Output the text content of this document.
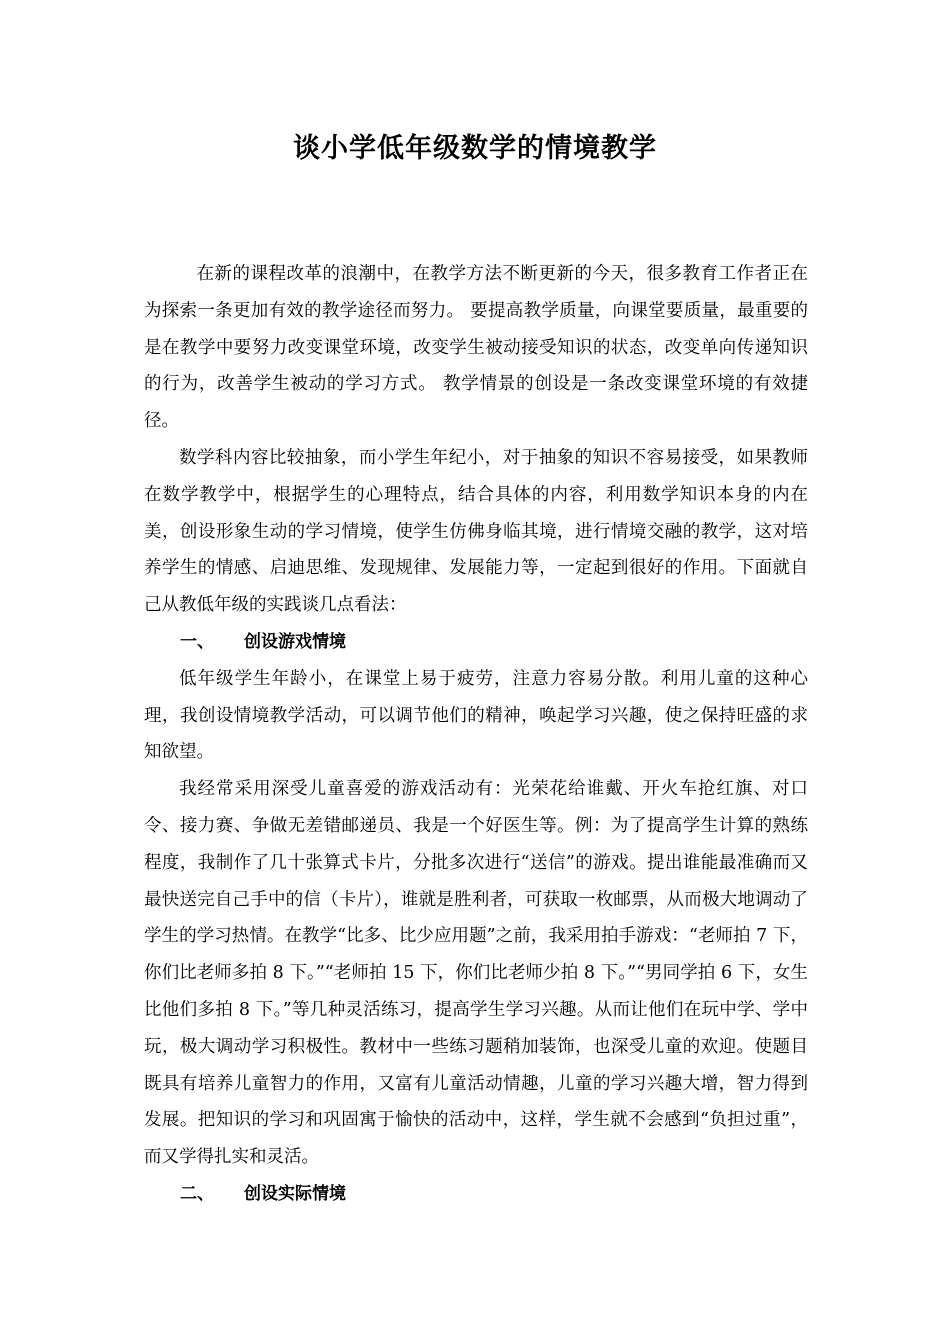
谈小学低年级数学的情境教学

在新的课程改革的浪潮中，在教学方法不断更新的今天，很多教育工作者正在为探索一条更加有效的教学途径而努力。 要提高教学质量，向课堂要质量，最重要的是在教学中要努力改变课堂环境，改变学生被动接受知识的状态，改变单向传递知识的行为，改善学生被动的学习方式。 教学情景的创设是一条改变课堂环境的有效捷径。

数学科内容比较抽象，而小学生年纪小，对于抽象的知识不容易接受，如果教师在数学教学中，根据学生的心理特点，结合具体的内容，利用数学知识本身的内在美，创设形象生动的学习情境，使学生仿佛身临其境，进行情境交融的教学，这对培养学生的情感、启迪思维、发现规律、发展能力等，一定起到很好的作用。下面就自己从教低年级的实践谈几点看法：

一、 创设游戏情境

低年级学生年龄小，在课堂上易于疲劳，注意力容易分散。利用儿童的这种心理，我创设情境教学活动，可以调节他们的精神，唤起学习兴趣，使之保持旺盛的求知欲望。

我经常采用深受儿童喜爱的游戏活动有：光荣花给谁戴、开火车抢红旗、对口令、接力赛、争做无差错邮递员、我是一个好医生等。例：为了提高学生计算的熟练程度，我制作了几十张算式卡片，分批多次进行“送信”的游戏。提出谁能最准确而又最快送完自己手中的信（卡片），谁就是胜利者，可获取一枚邮票，从而极大地调动了学生的学习热情。在教学“比多、比少应用题”之前，我采用拍手游戏：“老师拍 7 下，你们比老师多拍 8 下。”“老师拍 15 下，你们比老师少拍 8 下。”“男同学拍 6 下，女生比他们多拍 8 下。”等几种灵活练习，提高学生学习兴趣。从而让他们在玩中学、学中玩，极大调动学习积极性。教材中一些练习题稍加装饰，也深受儿童的欢迎。使题目既具有培养儿童智力的作用，又富有儿童活动情趣，儿童的学习兴趣大增，智力得到发展。把知识的学习和巩固寓于愉快的活动中，这样，学生就不会感到“负担过重”，而又学得扎实和灵活。

二、 创设实际情境
